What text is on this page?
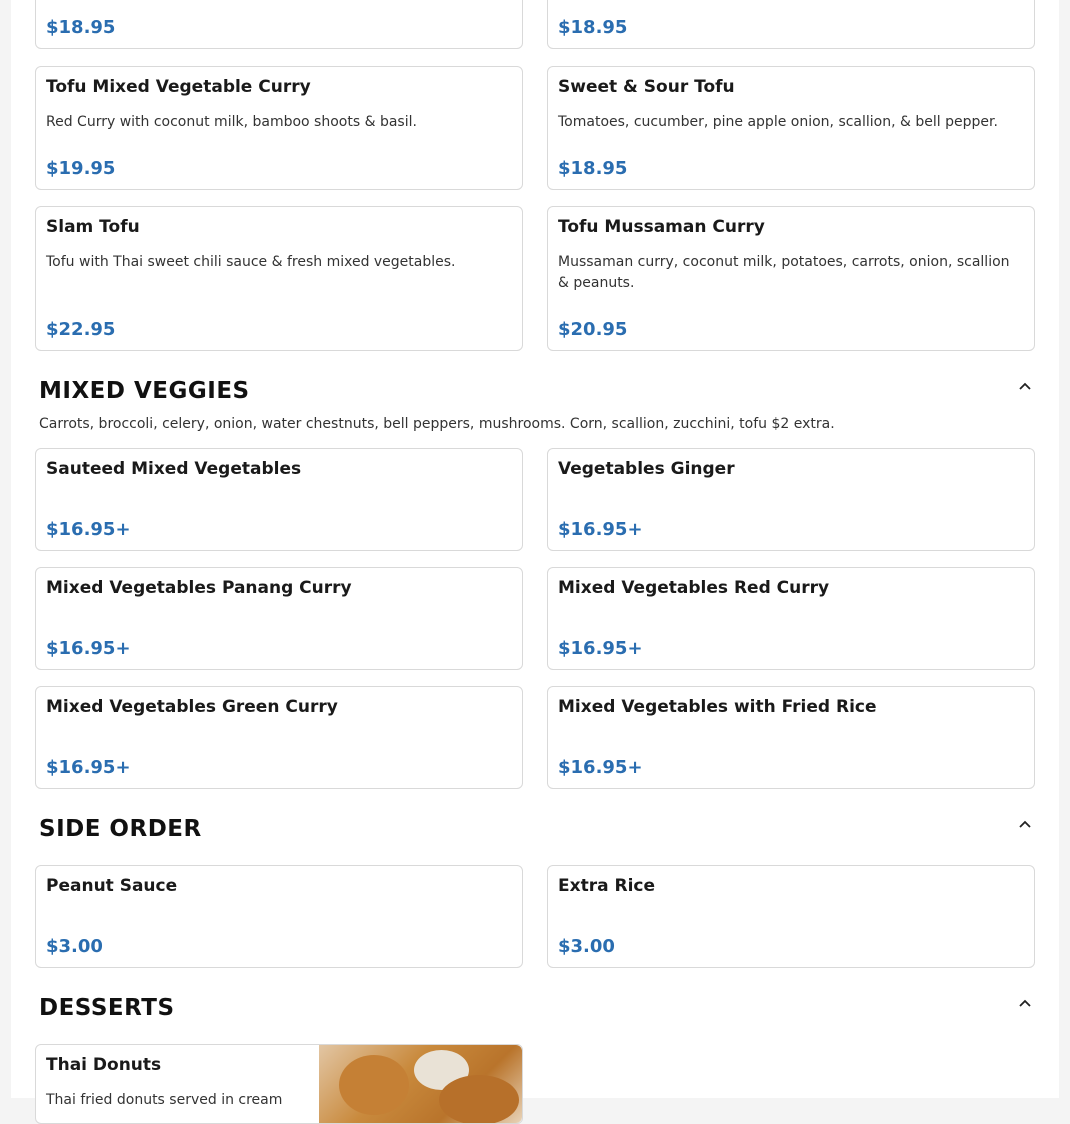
$18.95	$18.95
Tofu Mixed Vegetable Curry
Red Curry with coconut milk, bamboo shoots & basil.
$19.95
Sweet & Sour Tofu
Tomatoes, cucumber, pine apple onion, scallion, & bell pepper.
$18.95
Slam Tofu
Tofu with Thai sweet chili sauce & fresh mixed vegetables.
$22.95
Tofu Mussaman Curry
Mussaman curry, coconut milk, potatoes, carrots, onion, scallion & peanuts.
$20.95
MIXED VEGGIES
Carrots, broccoli, celery, onion, water chestnuts, bell peppers, mushrooms. Corn, scallion, zucchini, tofu $2 extra.
Sauteed Mixed Vegetables
$16.95+
Vegetables Ginger
$16.95+
Mixed Vegetables Panang Curry
$16.95+
Mixed Vegetables Red Curry
$16.95+
Mixed Vegetables Green Curry
$16.95+
Mixed Vegetables with Fried Rice
$16.95+
SIDE ORDER
Peanut Sauce
$3.00
Extra Rice
$3.00
DESSERTS
Thai Donuts
Thai fried donuts served in cream
